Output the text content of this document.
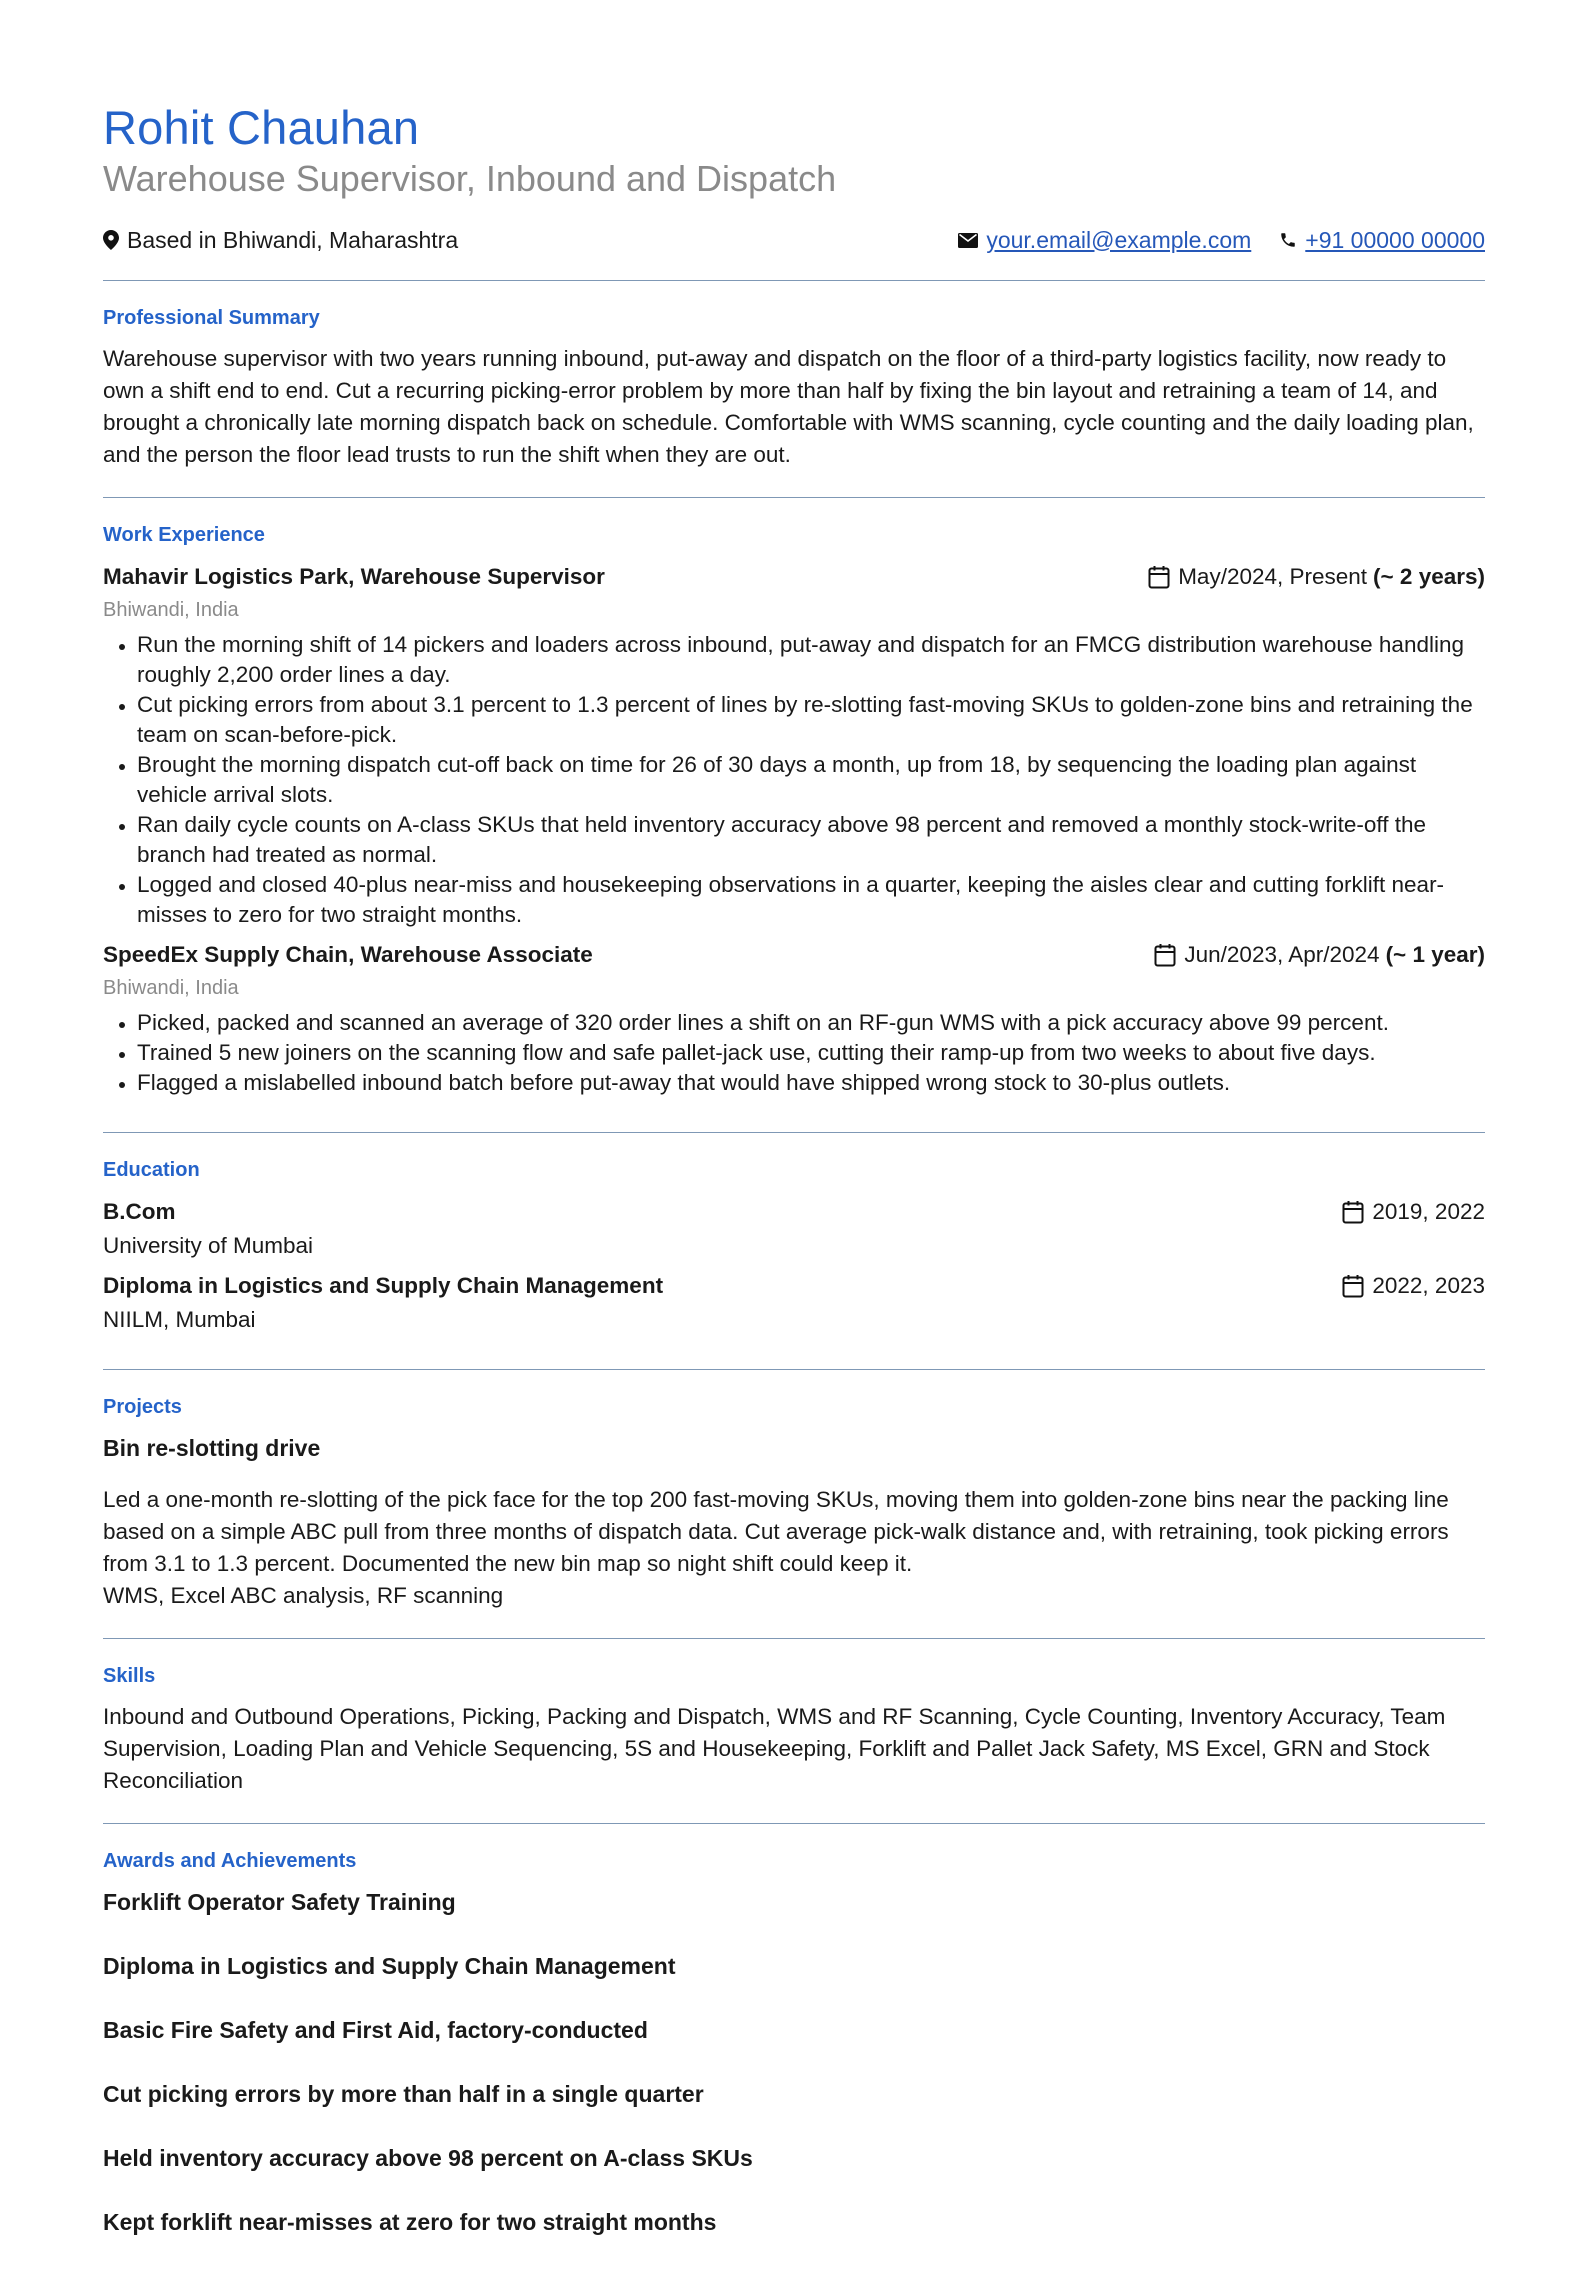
Rohit Chauhan

Warehouse Supervisor, Inbound and Dispatch

Based in Bhiwandi, Maharashtra	your.email@example.com +91 00000 00000
Professional Summary

Warehouse supervisor with two years running inbound, put-away and dispatch on the floor of a third-party logistics facility, now ready to own a shift end to end. Cut a recurring picking-error problem by more than half by fixing the bin layout and retraining a team of 14, and brought a chronically late morning dispatch back on schedule. Comfortable with WMS scanning, cycle counting and the daily loading plan, and the person the floor lead trusts to run the shift when they are out.

Work Experience
Mahavir Logistics Park, Warehouse Supervisor	May/2024, Present (~ 2 years)
Bhiwandi, India
• Run the morning shift of 14 pickers and loaders across inbound, put-away and dispatch for an FMCG distribution warehouse handling roughly 2,200 order lines a day.
• Cut picking errors from about 3.1 percent to 1.3 percent of lines by re-slotting fast-moving SKUs to golden-zone bins and retraining the team on scan-before-pick.
• Brought the morning dispatch cut-off back on time for 26 of 30 days a month, up from 18, by sequencing the loading plan against vehicle arrival slots.
• Ran daily cycle counts on A-class SKUs that held inventory accuracy above 98 percent and removed a monthly stock-write-off the branch had treated as normal.
• Logged and closed 40-plus near-miss and housekeeping observations in a quarter, keeping the aisles clear and cutting forklift near-misses to zero for two straight months.
SpeedEx Supply Chain, Warehouse Associate	Jun/2023, Apr/2024 (~ 1 year)
Bhiwandi, India
• Picked, packed and scanned an average of 320 order lines a shift on an RF-gun WMS with a pick accuracy above 99 percent.
• Trained 5 new joiners on the scanning flow and safe pallet-jack use, cutting their ramp-up from two weeks to about five days.
• Flagged a mislabelled inbound batch before put-away that would have shipped wrong stock to 30-plus outlets.
Education
B.Com	2019, 2022
University of Mumbai
Diploma in Logistics and Supply Chain Management	2022, 2023
NIILM, Mumbai
Projects
Bin re-slotting drive

Led a one-month re-slotting of the pick face for the top 200 fast-moving SKUs, moving them into golden-zone bins near the packing line based on a simple ABC pull from three months of dispatch data. Cut average pick-walk distance and, with retraining, took picking errors from 3.1 to 1.3 percent. Documented the new bin map so night shift could keep it.

WMS, Excel ABC analysis, RF scanning

Skills

Inbound and Outbound Operations, Picking, Packing and Dispatch, WMS and RF Scanning, Cycle Counting, Inventory Accuracy, Team Supervision, Loading Plan and Vehicle Sequencing, 5S and Housekeeping, Forklift and Pallet Jack Safety, MS Excel, GRN and Stock Reconciliation

Awards and Achievements
Forklift Operator Safety Training
Diploma in Logistics and Supply Chain Management
Basic Fire Safety and First Aid, factory-conducted
Cut picking errors by more than half in a single quarter
Held inventory accuracy above 98 percent on A-class SKUs
Kept forklift near-misses at zero for two straight months
